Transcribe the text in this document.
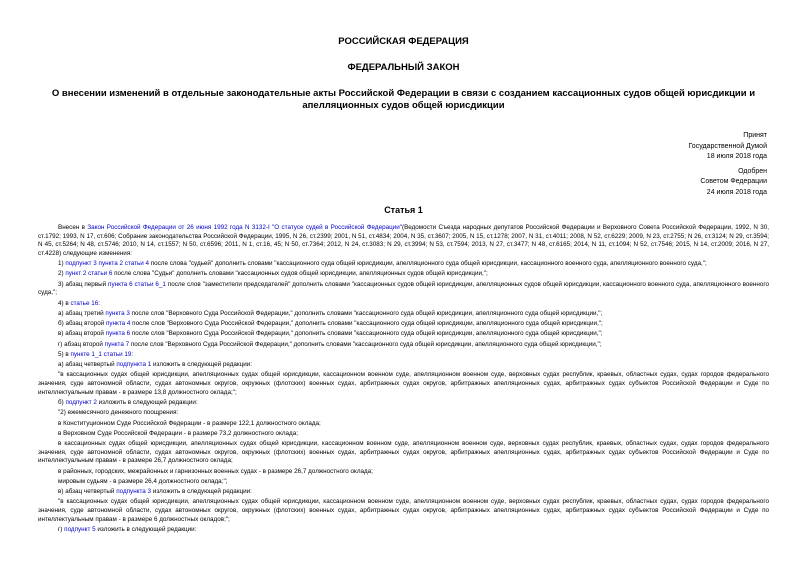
РОССИЙСКАЯ ФЕДЕРАЦИЯ
ФЕДЕРАЛЬНЫЙ ЗАКОН
О внесении изменений в отдельные законодательные акты Российской Федерации в связи с созданием кассационных судов общей юрисдикции и апелляционных судов общей юрисдикции
Принят
Государственной Думой
18 июля 2018 года
Одобрен
Советом Федерации
24 июля 2018 года
Статья 1

Внесен в Закон Российской Федерации от 26 июня 1992 года N 3132-I "О статусе судей в Российской Федерации"(Ведомости Съезда народных депутатов Российской Федерации и Верховного Совета Российской Федерации, 1992, N 30, ст.1792; 1993, N 17, ст.606; Собрание законодательства Российской Федерации, 1995, N 26, ст.2399; 2001, N 51, ст.4834; 2004, N 35, ст.3607; 2005, N 15, ст.1278; 2007, N 31, ст.4011; 2008, N 52, ст.6229; 2009, N 23, ст.2755; N 26, ст.3124; N 29, ст.3594; N 45, ст.5264; N 48, ст.5746; 2010, N 14, ст.1557; N 50, ст.6596; 2011, N 1, ст.16, 45; N 50, ст.7364; 2012, N 24, ст.3083; N 29, ст.3994; N 53, ст.7594; 2013, N 27, ст.3477; N 48, ст.6165; 2014, N 11, ст.1094; N 52, ст.7546; 2015, N 14, ст.2009; 2016, N 27, ст.4228) следующие изменения:

1) подпункт 3 пункта 2 статьи 4 после слова "судьей" дополнить словами "кассационного суда общей юрисдикции, апелляционного суда общей юрисдикции, кассационного военного суда, апелляционного военного суда,";

2) пункт 2 статьи 6 после слова "Судьи" дополнить словами "кассационных судов общей юрисдикции, апелляционных судов общей юрисдикции,";

3) абзац первый пункта 6 статьи 6_1 после слов "заместители председателей" дополнить словами "кассационных судов общей юрисдикции, апелляционных судов общей юрисдикции, кассационного военного суда, апелляционного военного суда,";

4) в статье 16:

а) абзац третий пункта 3 после слов "Верховного Суда Российской Федерации," дополнить словами "кассационного суда общей юрисдикции, апелляционного суда общей юрисдикции,";

б) абзац второй пункта 4 после слов "Верховного Суда Российской Федерации," дополнить словами "кассационного суда общей юрисдикции, апелляционного суда общей юрисдикции,";

в) абзац второй пункта 6 после слов "Верховного Суда Российской Федерации," дополнить словами "кассационного суда общей юрисдикции, апелляционного суда общей юрисдикции,";

г) абзац второй пункта 7 после слов "Верховного Суда Российской Федерации," дополнить словами "кассационного суда общей юрисдикции, апелляционного суда общей юрисдикции,";

5) в пункте 1_1 статьи 19:

а) абзац четвертый подпункта 1 изложить в следующей редакции:

"в кассационных судах общей юрисдикции, апелляционных судах общей юрисдикции, кассационном военном суде, апелляционном военном суде, верховных судах республик, краевых, областных судах, судах городов федерального значения, суде автономной области, судах автономных округов, окружных (флотских) военных судах, арбитражных судах округов, арбитражных апелляционных судах, арбитражных судах субъектов Российской Федерации и Суде по интеллектуальным правам - в размере 13,8 должностного оклада;";

б) подпункт 2 изложить в следующей редакции:

"2) ежемесячного денежного поощрения:

в Конституционном Суде Российской Федерации - в размере 122,1 должностного оклада;

в Верховном Суде Российской Федерации - в размере 73,2 должностного оклада;

в кассационных судах общей юрисдикции, апелляционных судах общей юрисдикции, кассационном военном суде, апелляционном военном суде, верховных судах республик, краевых, областных судах, судах городов федерального значения, суде автономной области, судах автономных округов, окружных (флотских) военных судах, арбитражных судах округов, арбитражных апелляционных судах, арбитражных судах субъектов Российской Федерации и Суде по интеллектуальным правам - в размере 26,7 должностного оклада;

в районных, городских, межрайонных и гарнизонных военных судах - в размере 26,7 должностного оклада;

мировым судьям - в размере 26,4 должностного оклада;";

в) абзац четвертый подпункта 3 изложить в следующей редакции:

"в кассационных судах общей юрисдикции, апелляционных судах общей юрисдикции, кассационном военном суде, апелляционном военном суде, верховных судах республик, краевых, областных судах, судах городов федерального значения, суде автономной области, судах автономных округов, окружных (флотских) военных судах, арбитражных судах округов, арбитражных апелляционных судах, арбитражных судах субъектов Российской Федерации и Суде по интеллектуальным правам - в размере 6 должностных окладов;";

г) подпункт 5 изложить в следующей редакции:
